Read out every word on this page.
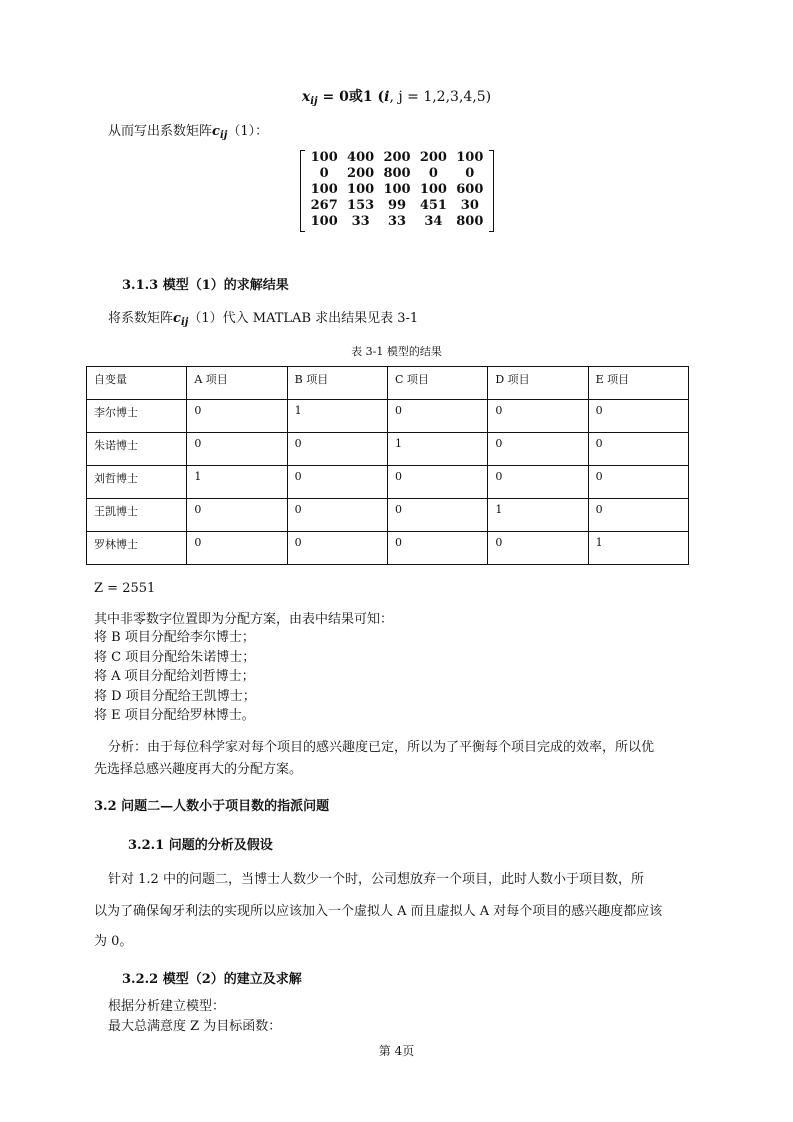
$x_{ij} = 0$或1 (i, j = 1,2,3,4,5)
从而写出系数矩阵$c_{ij}(1)$：
100 400 200 200 100
0	200 800	0	0
100 100 100 100 600
267 153	99	451	30
100	33	33	34	800
3.1.3 模型（1）的求解结果
将系数矩阵$c_{ij}(1)$代入 MATLAB 求出结果见表 3-1
表 3-1 模型的结果
自变量	A 项目	B 项目	C 项目	D 项目	E 项目
李尔博士	0	1	0	0	0
朱诺博士	0	0	1	0	0
刘哲博士	1	0	0	0	0
王凯博士	0	0	0	1	0
罗林博士	0	0	0	0	1
Z = 2551
其中非零数字位置即为分配方案，由表中结果可知：
将 B 项目分配给李尔博士；
将 C 项目分配给朱诺博士；
将 A 项目分配给刘哲博士；
将 D 项目分配给王凯博士；
将 E 项目分配给罗林博士。
分析：由于每位科学家对每个项目的感兴趣度已定，所以为了平衡每个项目完成的效率，所以优
先选择总感兴趣度再大的分配方案。
3.2 问题二—人数小于项目数的指派问题
3.2.1 问题的分析及假设
针对 1.2 中的问题二，当博士人数少一个时，公司想放弃一个项目，此时人数小于项目数，所
以为了确保匈牙利法的实现所以应该加入一个虚拟人 A 而且虚拟人 A 对每个项目的感兴趣度都应该
为 0。
3.2.2 模型（2）的建立及求解
根据分析建立模型：
最大总满意度 Z 为目标函数：
第 4页
